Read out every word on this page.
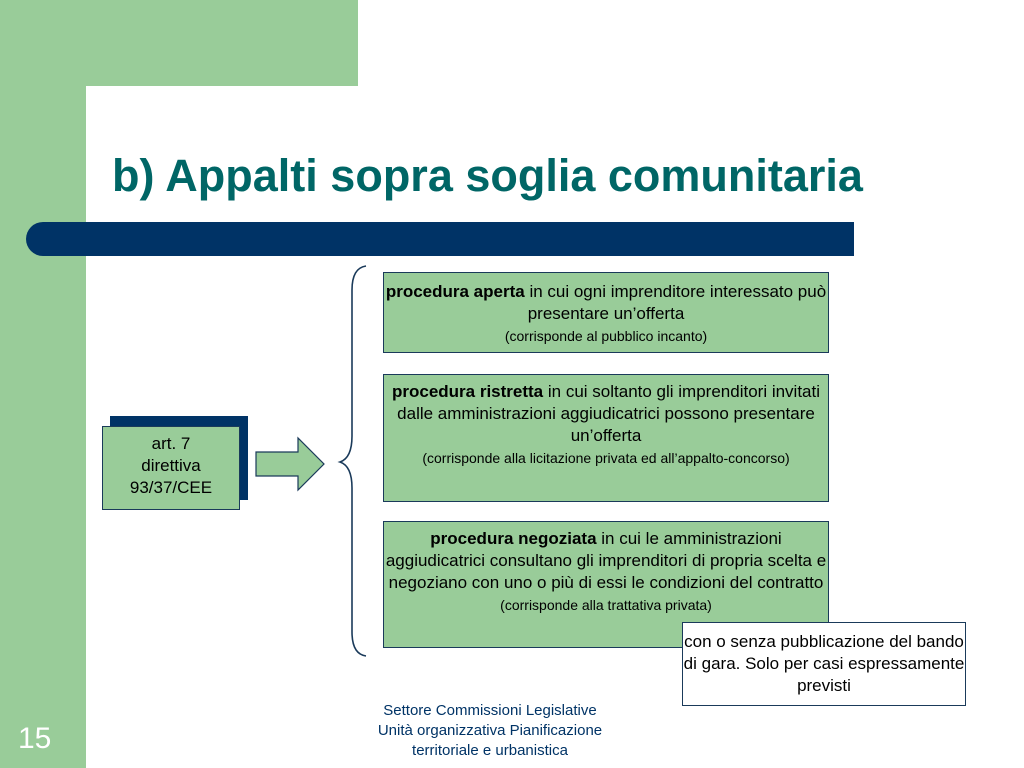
b) Appalti sopra soglia comunitaria
art. 7
direttiva
93/37/CEE
procedura aperta in cui ogni imprenditore interessato può presentare un’offerta
(corrisponde al pubblico incanto)
procedura ristretta in cui soltanto gli imprenditori invitati dalle amministrazioni aggiudicatrici possono presentare un’offerta
(corrisponde alla licitazione privata ed all’appalto-concorso)
procedura negoziata in cui le amministrazioni aggiudicatrici consultano gli imprenditori di propria scelta e negoziano con uno o più di essi le condizioni del contratto (corrisponde alla trattativa privata)
con o senza pubblicazione del bando di gara. Solo per casi espressamente previsti
Settore Commissioni Legislative
Unità organizzativa Pianificazione
territoriale e urbanistica
15
